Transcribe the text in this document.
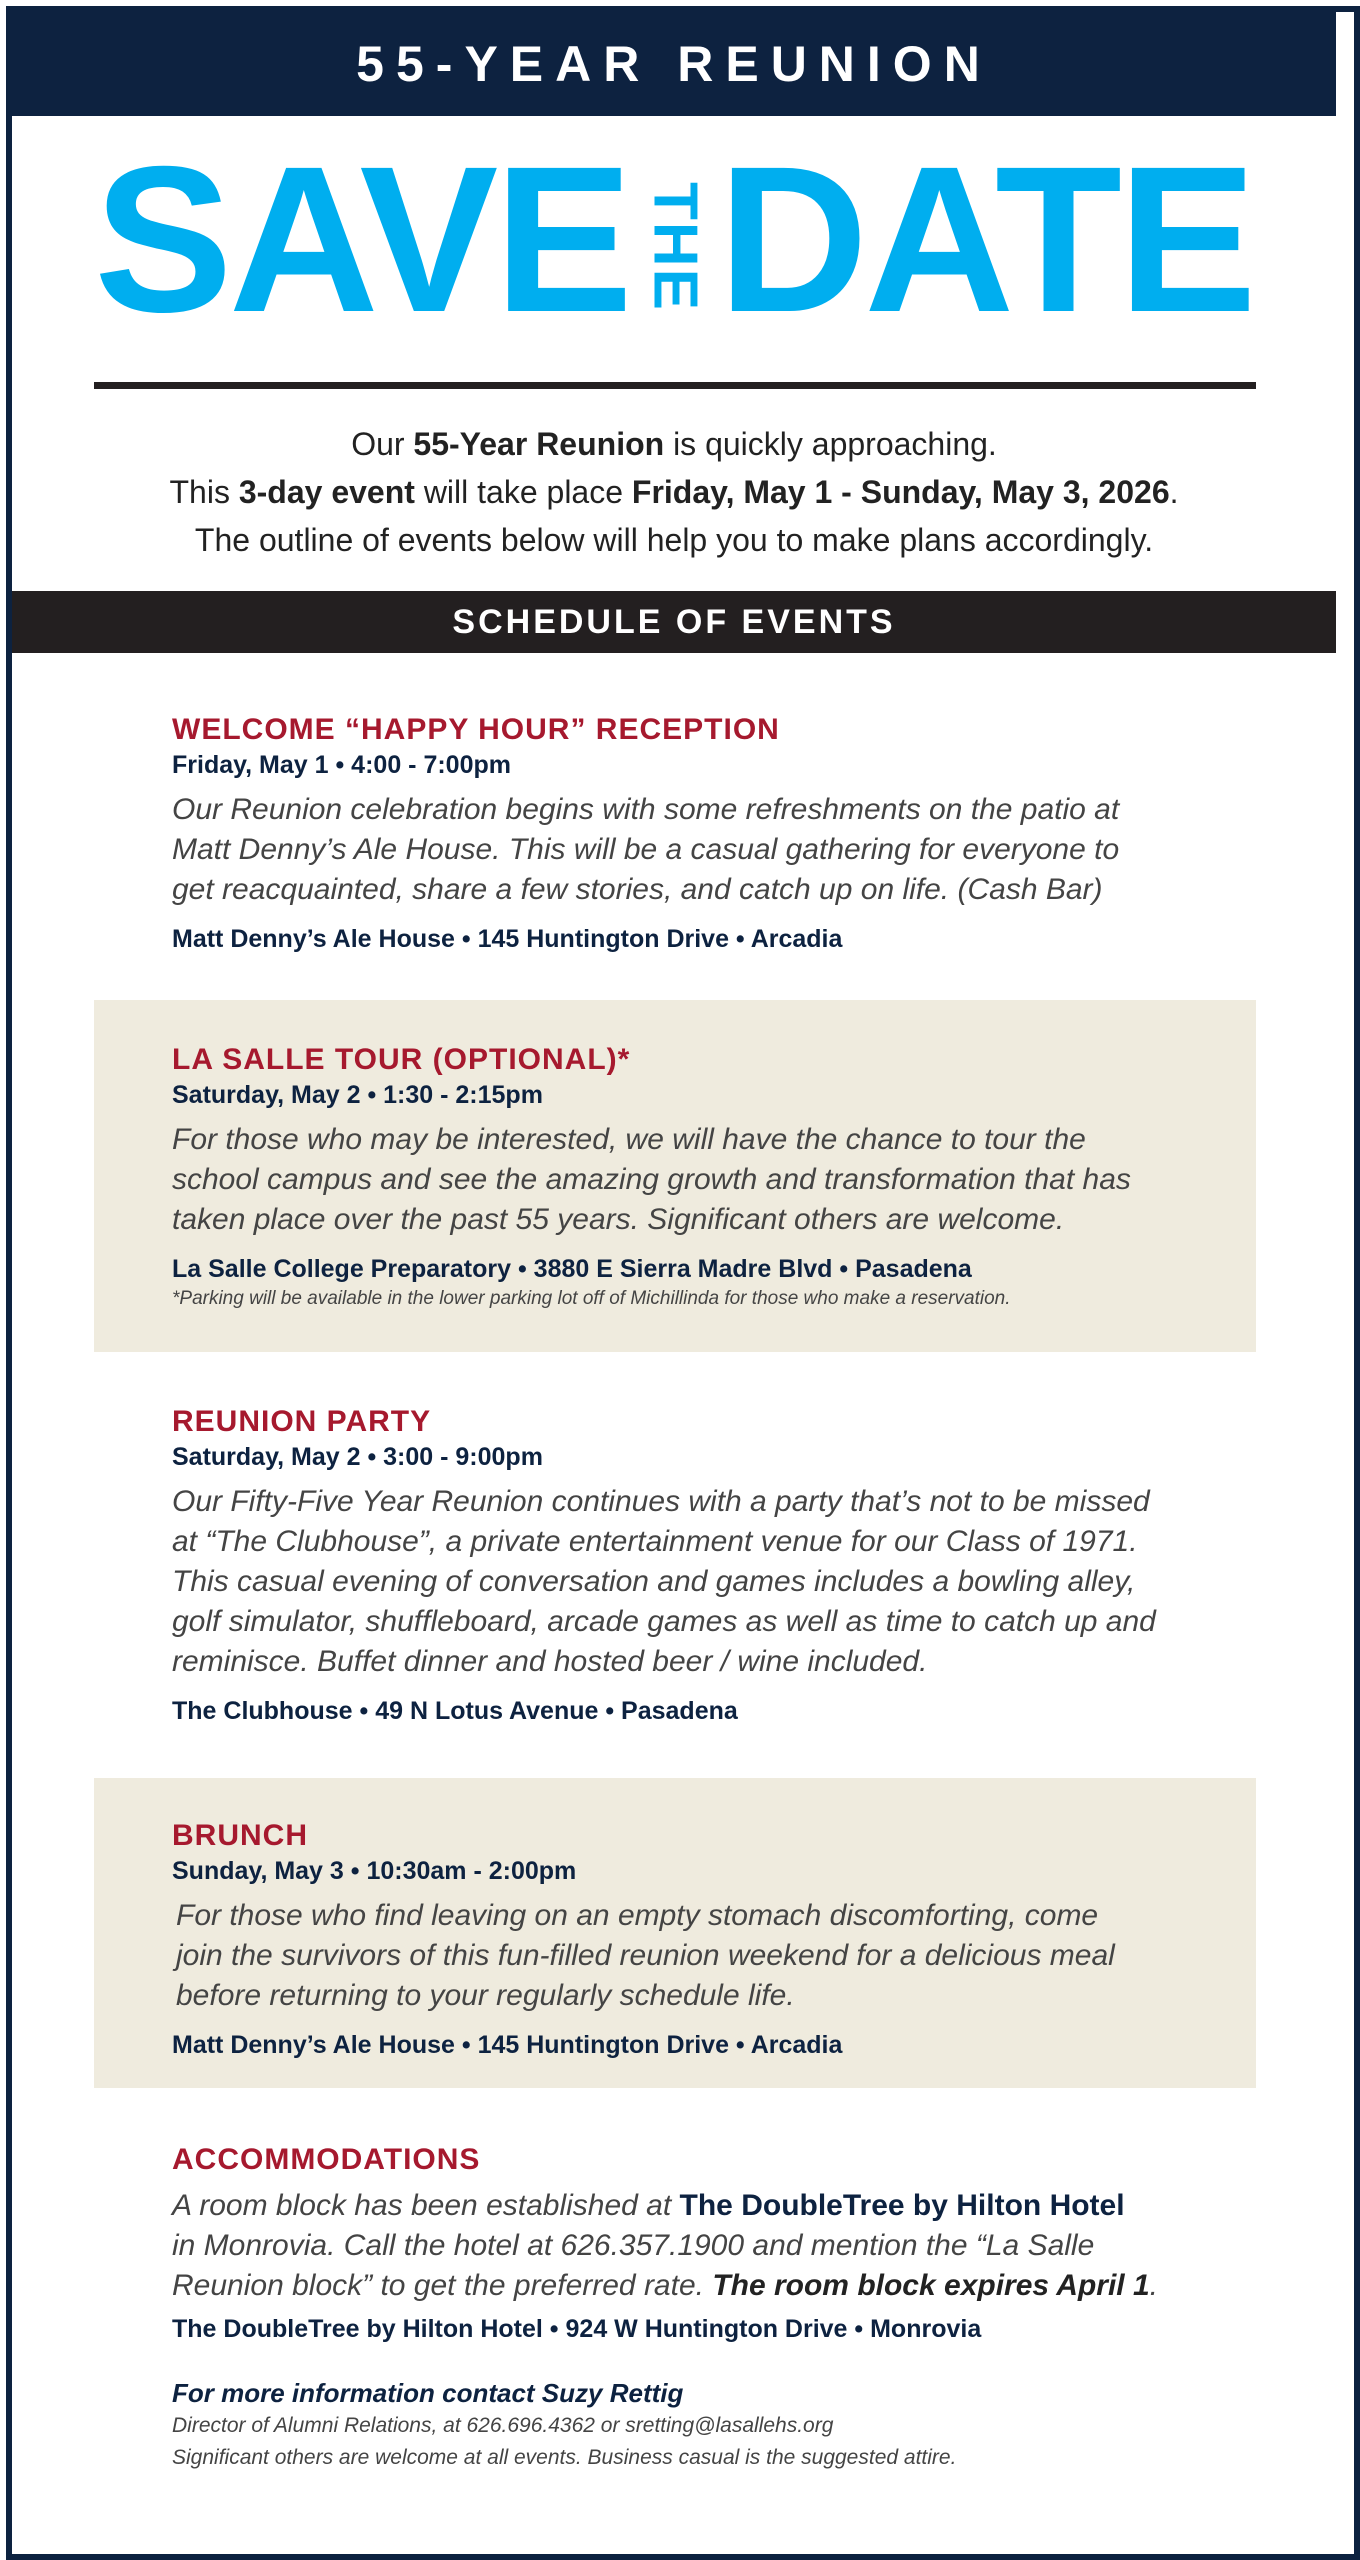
55-YEAR REUNION
SAVE THE DATE
Our 55-Year Reunion is quickly approaching.
This 3-day event will take place Friday, May 1 - Sunday, May 3, 2026.
The outline of events below will help you to make plans accordingly.
SCHEDULE OF EVENTS
WELCOME “HAPPY HOUR” RECEPTION
Friday, May 1 • 4:00 - 7:00pm
Our Reunion celebration begins with some refreshments on the patio at
Matt Denny’s Ale House. This will be a casual gathering for everyone to
get reacquainted, share a few stories, and catch up on life. (Cash Bar)
Matt Denny’s Ale House • 145 Huntington Drive • Arcadia
LA SALLE TOUR (OPTIONAL)*
Saturday, May 2 • 1:30 - 2:15pm
For those who may be interested, we will have the chance to tour the
school campus and see the amazing growth and transformation that has
taken place over the past 55 years. Significant others are welcome.
La Salle College Preparatory • 3880 E Sierra Madre Blvd • Pasadena
*Parking will be available in the lower parking lot off of Michillinda for those who make a reservation.
REUNION PARTY
Saturday, May 2 • 3:00 - 9:00pm
Our Fifty-Five Year Reunion continues with a party that’s not to be missed
at “The Clubhouse”, a private entertainment venue for our Class of 1971.
This casual evening of conversation and games includes a bowling alley,
golf simulator, shuffleboard, arcade games as well as time to catch up and
reminisce. Buffet dinner and hosted beer / wine included.
The Clubhouse • 49 N Lotus Avenue • Pasadena
BRUNCH
Sunday, May 3 • 10:30am - 2:00pm
For those who find leaving on an empty stomach discomforting, come
join the survivors of this fun-filled reunion weekend for a delicious meal
before returning to your regularly schedule life.
Matt Denny’s Ale House • 145 Huntington Drive • Arcadia
ACCOMMODATIONS
A room block has been established at The DoubleTree by Hilton Hotel
in Monrovia. Call the hotel at 626.357.1900 and mention the “La Salle
Reunion block” to get the preferred rate. The room block expires April 1.
The DoubleTree by Hilton Hotel • 924 W Huntington Drive • Monrovia
For more information contact Suzy Rettig
Director of Alumni Relations, at 626.696.4362 or sretting@lasallehs.org
Significant others are welcome at all events. Business casual is the suggested attire.
